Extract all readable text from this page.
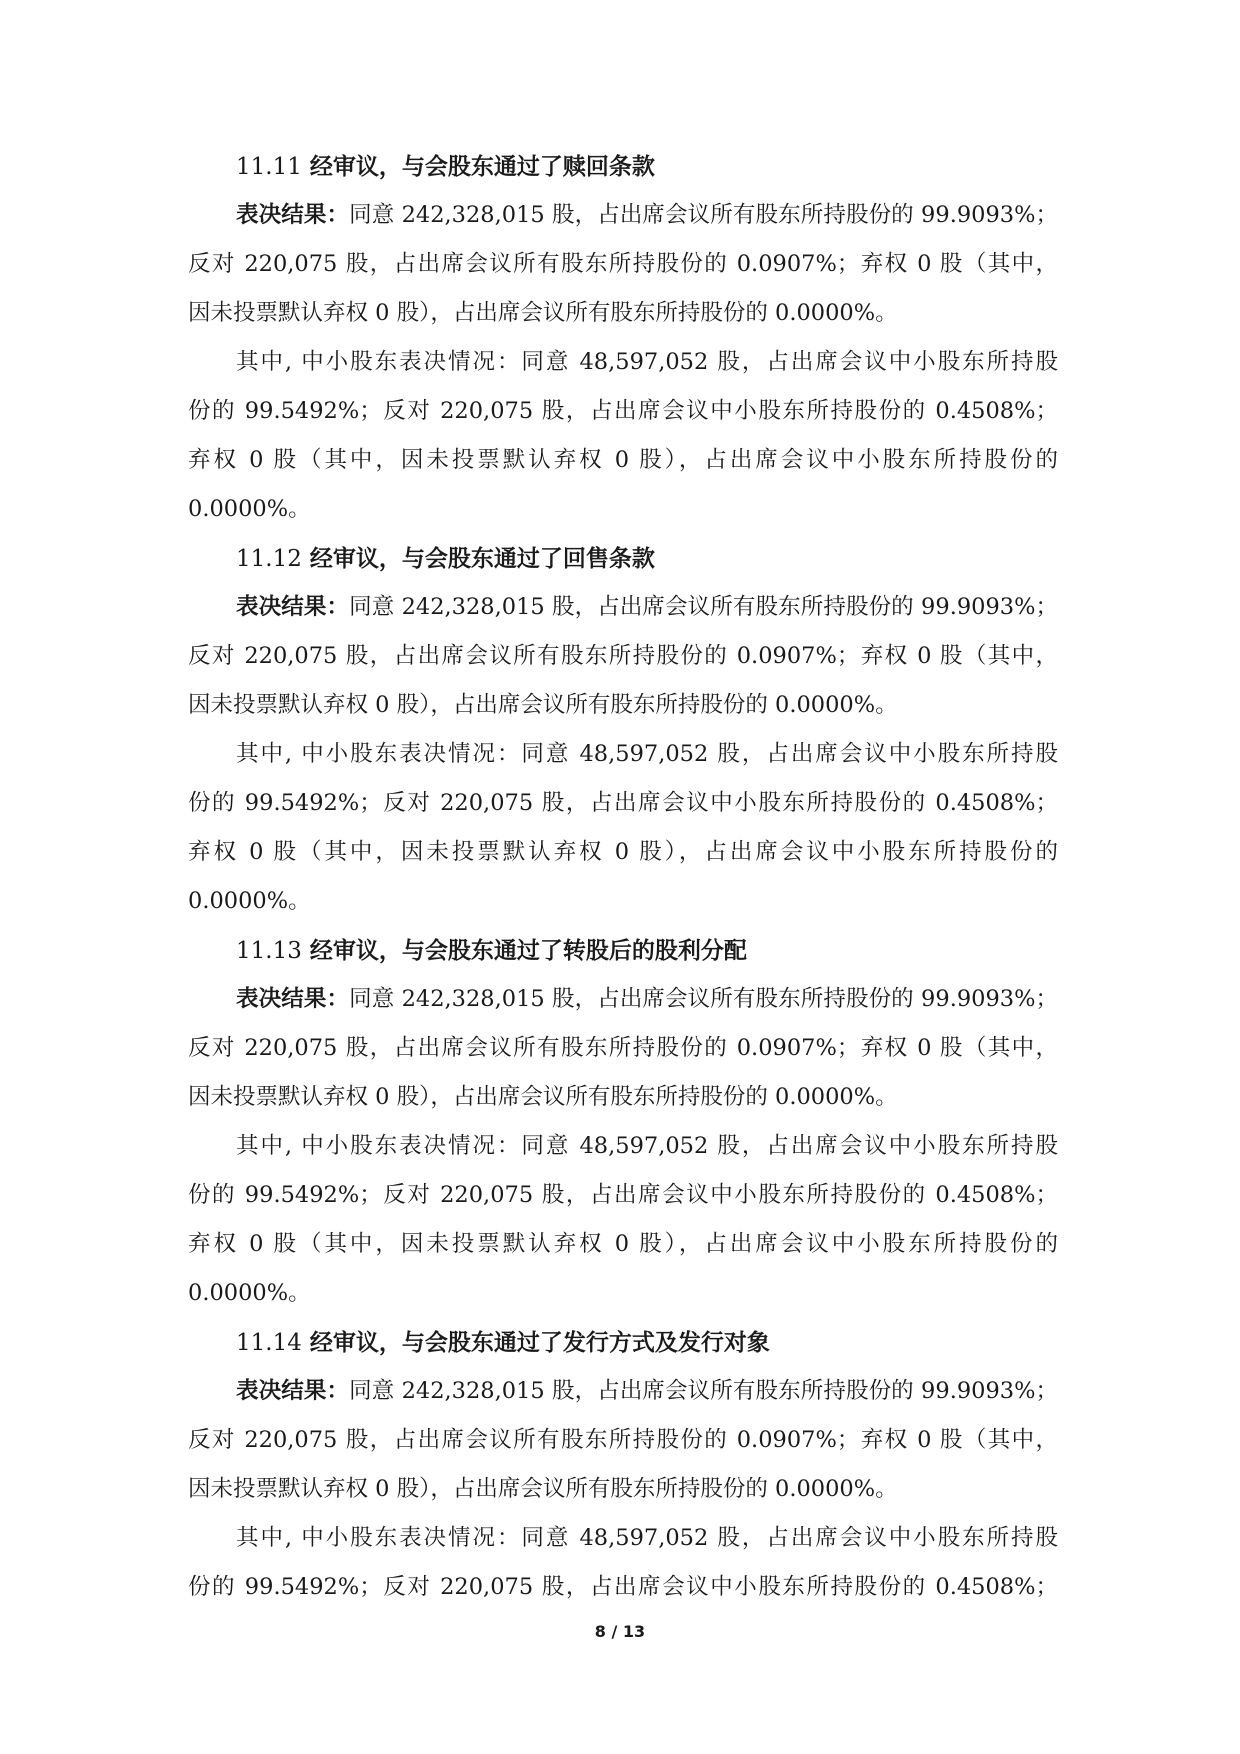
11.11 经审议，与会股东通过了赎回条款
表决结果：同意 242,328,015 股，占出席会议所有股东所持股份的 99.9093%；
反对 220,075 股，占出席会议所有股东所持股份的 0.0907%；弃权 0 股（其中，
因未投票默认弃权 0 股），占出席会议所有股东所持股份的 0.0000%。
其中, 中小股东表决情况：同意 48,597,052 股，占出席会议中小股东所持股
份的 99.5492%；反对 220,075 股，占出席会议中小股东所持股份的 0.4508%；
弃权 0 股（其中，因未投票默认弃权 0 股），占出席会议中小股东所持股份的
0.0000%。
11.12 经审议，与会股东通过了回售条款
表决结果：同意 242,328,015 股，占出席会议所有股东所持股份的 99.9093%；
反对 220,075 股，占出席会议所有股东所持股份的 0.0907%；弃权 0 股（其中，
因未投票默认弃权 0 股），占出席会议所有股东所持股份的 0.0000%。
其中, 中小股东表决情况：同意 48,597,052 股，占出席会议中小股东所持股
份的 99.5492%；反对 220,075 股，占出席会议中小股东所持股份的 0.4508%；
弃权 0 股（其中，因未投票默认弃权 0 股），占出席会议中小股东所持股份的
0.0000%。
11.13 经审议，与会股东通过了转股后的股利分配
表决结果：同意 242,328,015 股，占出席会议所有股东所持股份的 99.9093%；
反对 220,075 股，占出席会议所有股东所持股份的 0.0907%；弃权 0 股（其中，
因未投票默认弃权 0 股），占出席会议所有股东所持股份的 0.0000%。
其中, 中小股东表决情况：同意 48,597,052 股，占出席会议中小股东所持股
份的 99.5492%；反对 220,075 股，占出席会议中小股东所持股份的 0.4508%；
弃权 0 股（其中，因未投票默认弃权 0 股），占出席会议中小股东所持股份的
0.0000%。
11.14 经审议，与会股东通过了发行方式及发行对象
表决结果：同意 242,328,015 股，占出席会议所有股东所持股份的 99.9093%；
反对 220,075 股，占出席会议所有股东所持股份的 0.0907%；弃权 0 股（其中，
因未投票默认弃权 0 股），占出席会议所有股东所持股份的 0.0000%。
其中, 中小股东表决情况：同意 48,597,052 股，占出席会议中小股东所持股
份的 99.5492%；反对 220,075 股，占出席会议中小股东所持股份的 0.4508%；
8 / 13
